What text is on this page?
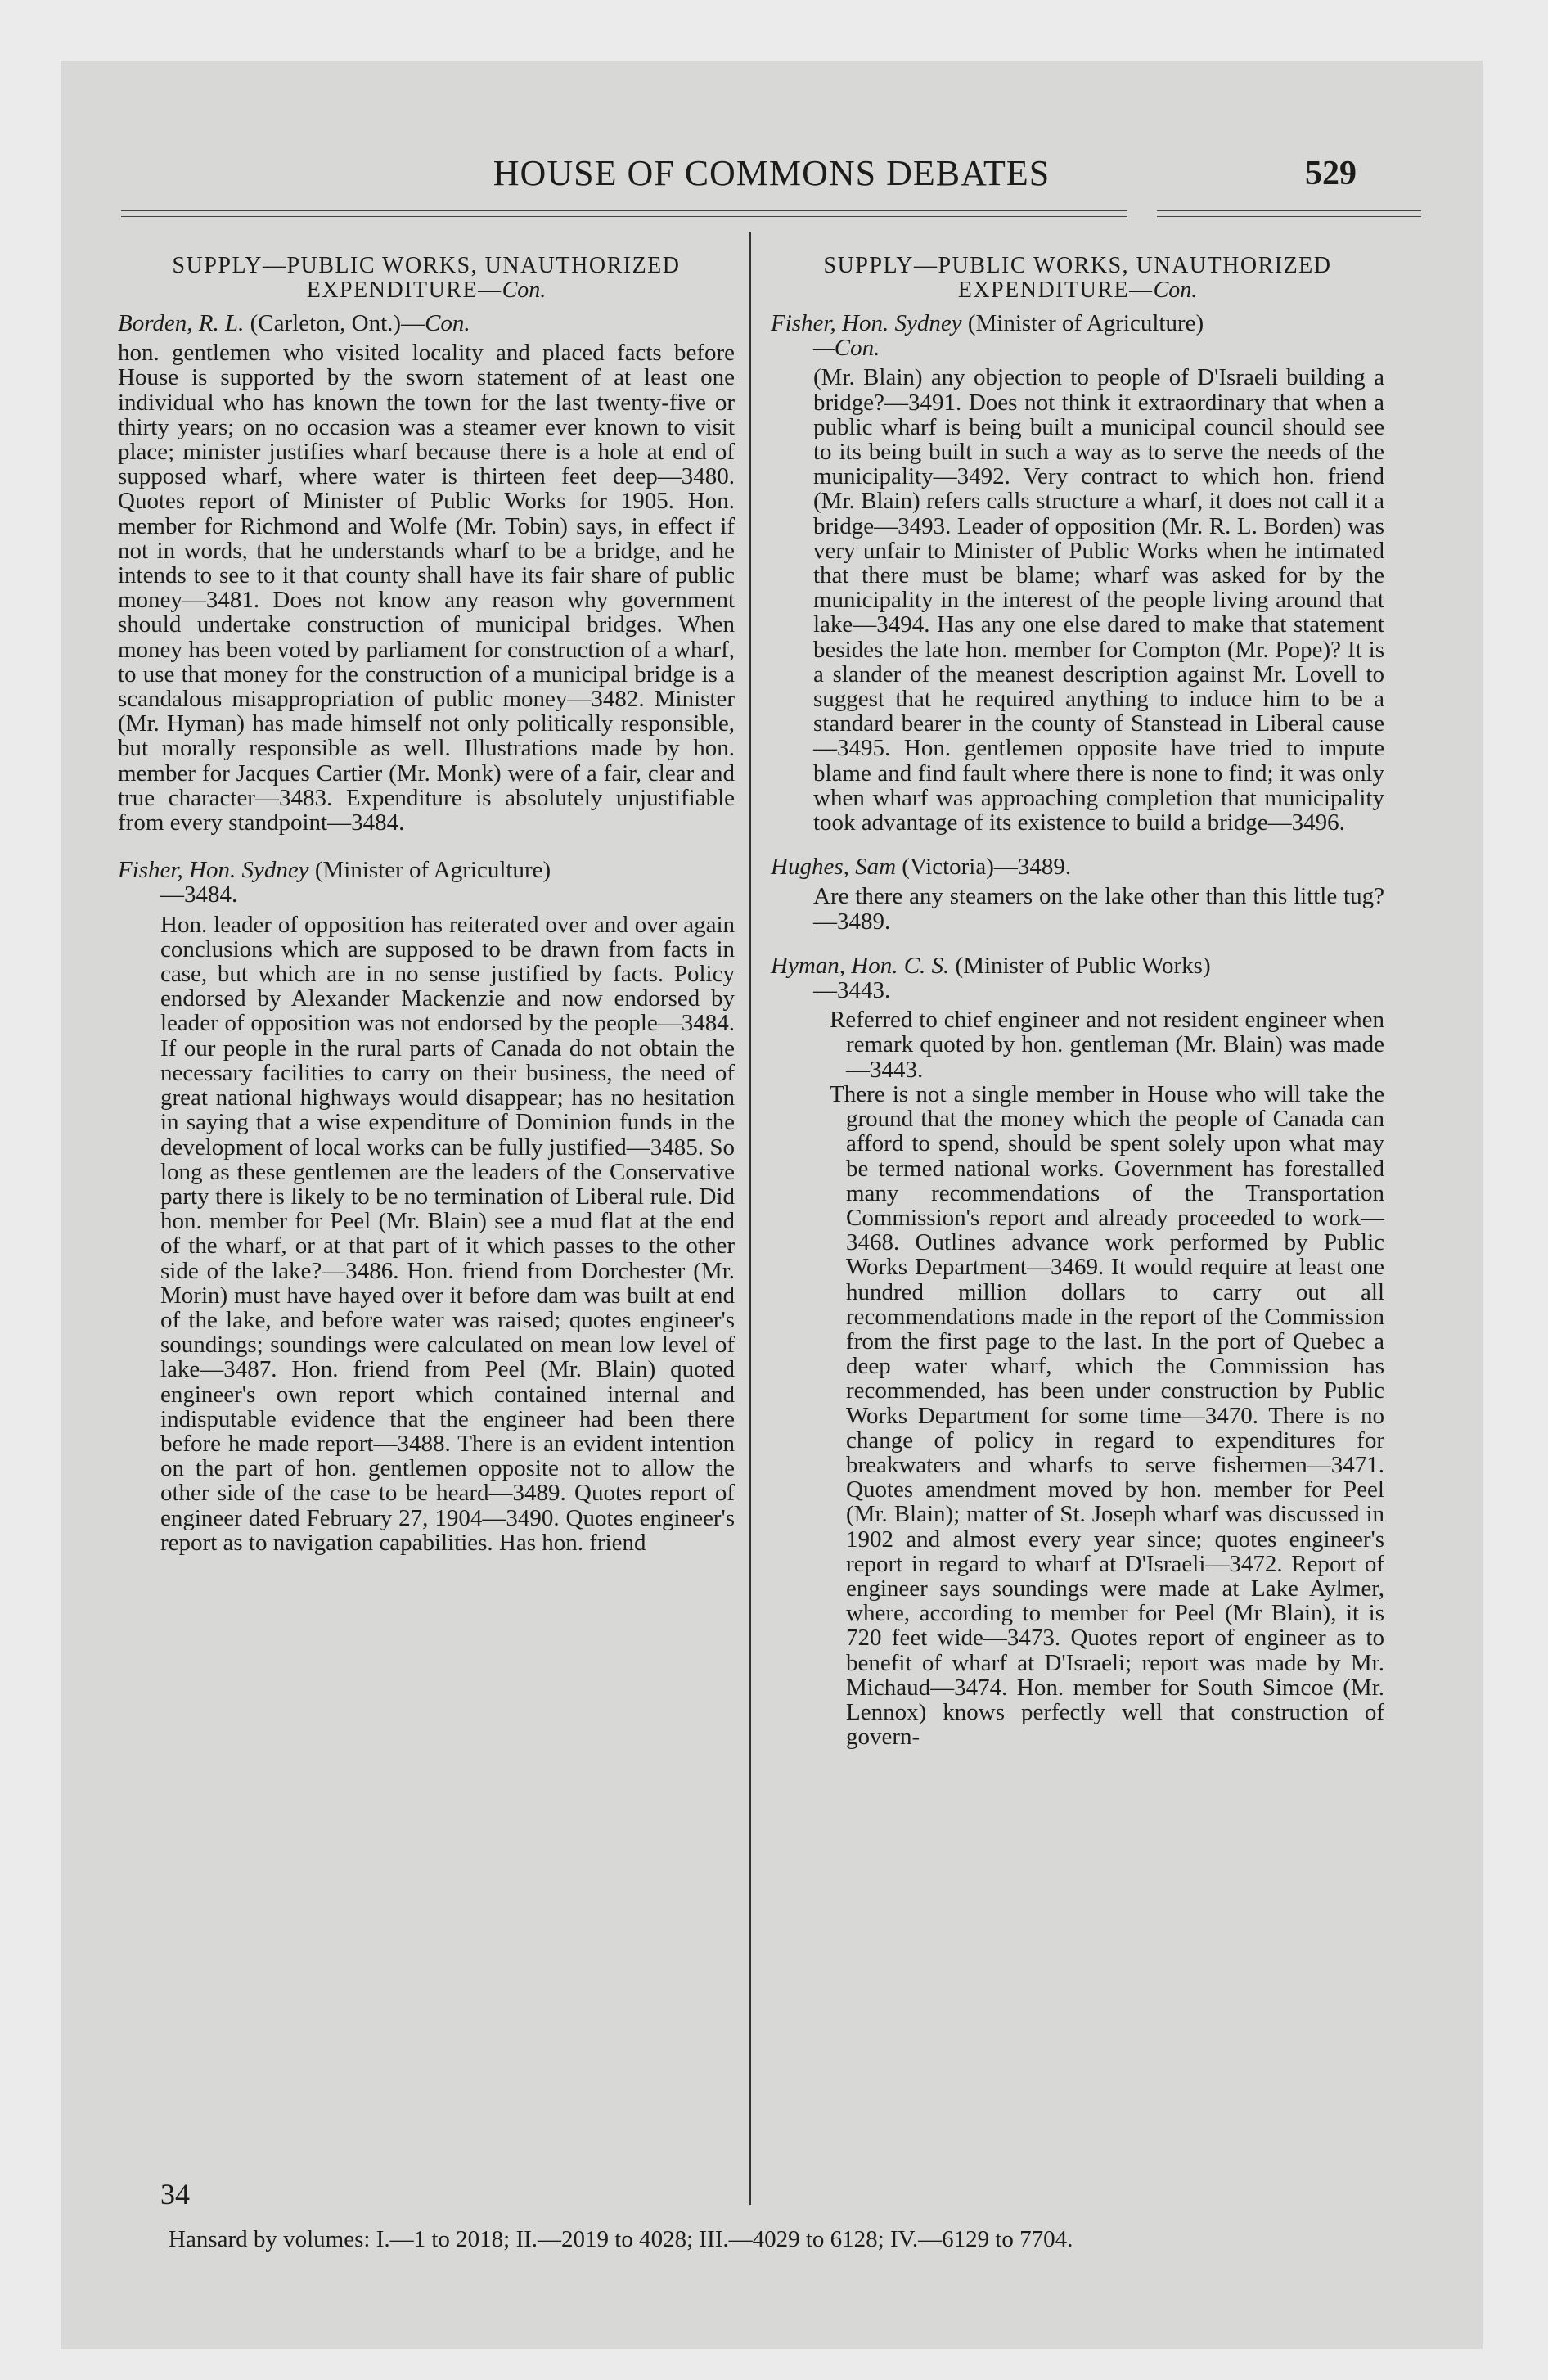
HOUSE OF COMMONS DEBATES	529
SUPPLY—PUBLIC WORKS, UNAUTHORIZED
EXPENDITURE—Con.
Borden, R. L. (Carleton, Ont.)—Con.
hon. gentlemen who visited locality and placed facts before House is supported by the sworn statement of at least one individual who has known the town for the last twenty-five or thirty years; on no occasion was a steamer ever known to visit place; minister justifies wharf because there is a hole at end of supposed wharf, where water is thirteen feet deep—3480. Quotes report of Minister of Public Works for 1905. Hon. member for Richmond and Wolfe (Mr. Tobin) says, in effect if not in words, that he understands wharf to be a bridge, and he intends to see to it that county shall have its fair share of public money—3481. Does not know any reason why government should undertake construction of municipal bridges. When money has been voted by parliament for construction of a wharf, to use that money for the construction of a municipal bridge is a scandalous misappropriation of public money—3482. Minister (Mr. Hyman) has made himself not only politically responsible, but morally responsible as well. Illustrations made by hon. member for Jacques Cartier (Mr. Monk) were of a fair, clear and true character—3483. Expenditure is absolutely unjustifiable from every standpoint—3484.
Fisher, Hon. Sydney (Minister of Agriculture)
—3484.
Hon. leader of opposition has reiterated over and over again conclusions which are supposed to be drawn from facts in case, but which are in no sense justified by facts. Policy endorsed by Alexander Mackenzie and now endorsed by leader of opposition was not endorsed by the people—3484. If our people in the rural parts of Canada do not obtain the necessary facilities to carry on their business, the need of great national highways would disappear; has no hesitation in saying that a wise expenditure of Dominion funds in the development of local works can be fully justified—3485. So long as these gentlemen are the leaders of the Conservative party there is likely to be no termination of Liberal rule. Did hon. member for Peel (Mr. Blain) see a mud flat at the end of the wharf, or at that part of it which passes to the other side of the lake?—3486. Hon. friend from Dorchester (Mr. Morin) must have hayed over it before dam was built at end of the lake, and before water was raised; quotes engineer's soundings; soundings were calculated on mean low level of lake—3487. Hon. friend from Peel (Mr. Blain) quoted engineer's own report which contained internal and indisputable evidence that the engineer had been there before he made report—3488. There is an evident intention on the part of hon. gentlemen opposite not to allow the other side of the case to be heard—3489. Quotes report of engineer dated February 27, 1904—3490. Quotes engineer's report as to navigation capabilities. Has hon. friend
SUPPLY—PUBLIC WORKS, UNAUTHORIZED
EXPENDITURE—Con.
Fisher, Hon. Sydney (Minister of Agriculture)
—Con.
(Mr. Blain) any objection to people of D'Israeli building a bridge?—3491. Does not think it extraordinary that when a public wharf is being built a municipal council should see to its being built in such a way as to serve the needs of the municipality—3492. Very contract to which hon. friend (Mr. Blain) refers calls structure a wharf, it does not call it a bridge—3493. Leader of opposition (Mr. R. L. Borden) was very unfair to Minister of Public Works when he intimated that there must be blame; wharf was asked for by the municipality in the interest of the people living around that lake—3494. Has any one else dared to make that statement besides the late hon. member for Compton (Mr. Pope)? It is a slander of the meanest description against Mr. Lovell to suggest that he required anything to induce him to be a standard bearer in the county of Stanstead in Liberal cause—3495. Hon. gentlemen opposite have tried to impute blame and find fault where there is none to find; it was only when wharf was approaching completion that municipality took advantage of its existence to build a bridge—3496.
Hughes, Sam (Victoria)—3489.
Are there any steamers on the lake other than this little tug?—3489.
Hyman, Hon. C. S. (Minister of Public Works)
—3443.
Referred to chief engineer and not resident engineer when remark quoted by hon. gentleman (Mr. Blain) was made—3443.
There is not a single member in House who will take the ground that the money which the people of Canada can afford to spend, should be spent solely upon what may be termed national works. Government has forestalled many recommendations of the Transportation Commission's report and already proceeded to work—3468. Outlines advance work performed by Public Works Department—3469. It would require at least one hundred million dollars to carry out all recommendations made in the report of the Commission from the first page to the last. In the port of Quebec a deep water wharf, which the Commission has recommended, has been under construction by Public Works Department for some time—3470. There is no change of policy in regard to expenditures for breakwaters and wharfs to serve fishermen—3471. Quotes amendment moved by hon. member for Peel (Mr. Blain); matter of St. Joseph wharf was discussed in 1902 and almost every year since; quotes engineer's report in regard to wharf at D'Israeli—3472. Report of engineer says soundings were made at Lake Aylmer, where, according to member for Peel (Mr Blain), it is 720 feet wide—3473. Quotes report of engineer as to benefit of wharf at D'Israeli; report was made by Mr. Michaud—3474. Hon. member for South Simcoe (Mr. Lennox) knows perfectly well that construction of govern-
34
Hansard by volumes: I.—1 to 2018; II.—2019 to 4028; III.—4029 to 6128; IV.—6129 to 7704.
